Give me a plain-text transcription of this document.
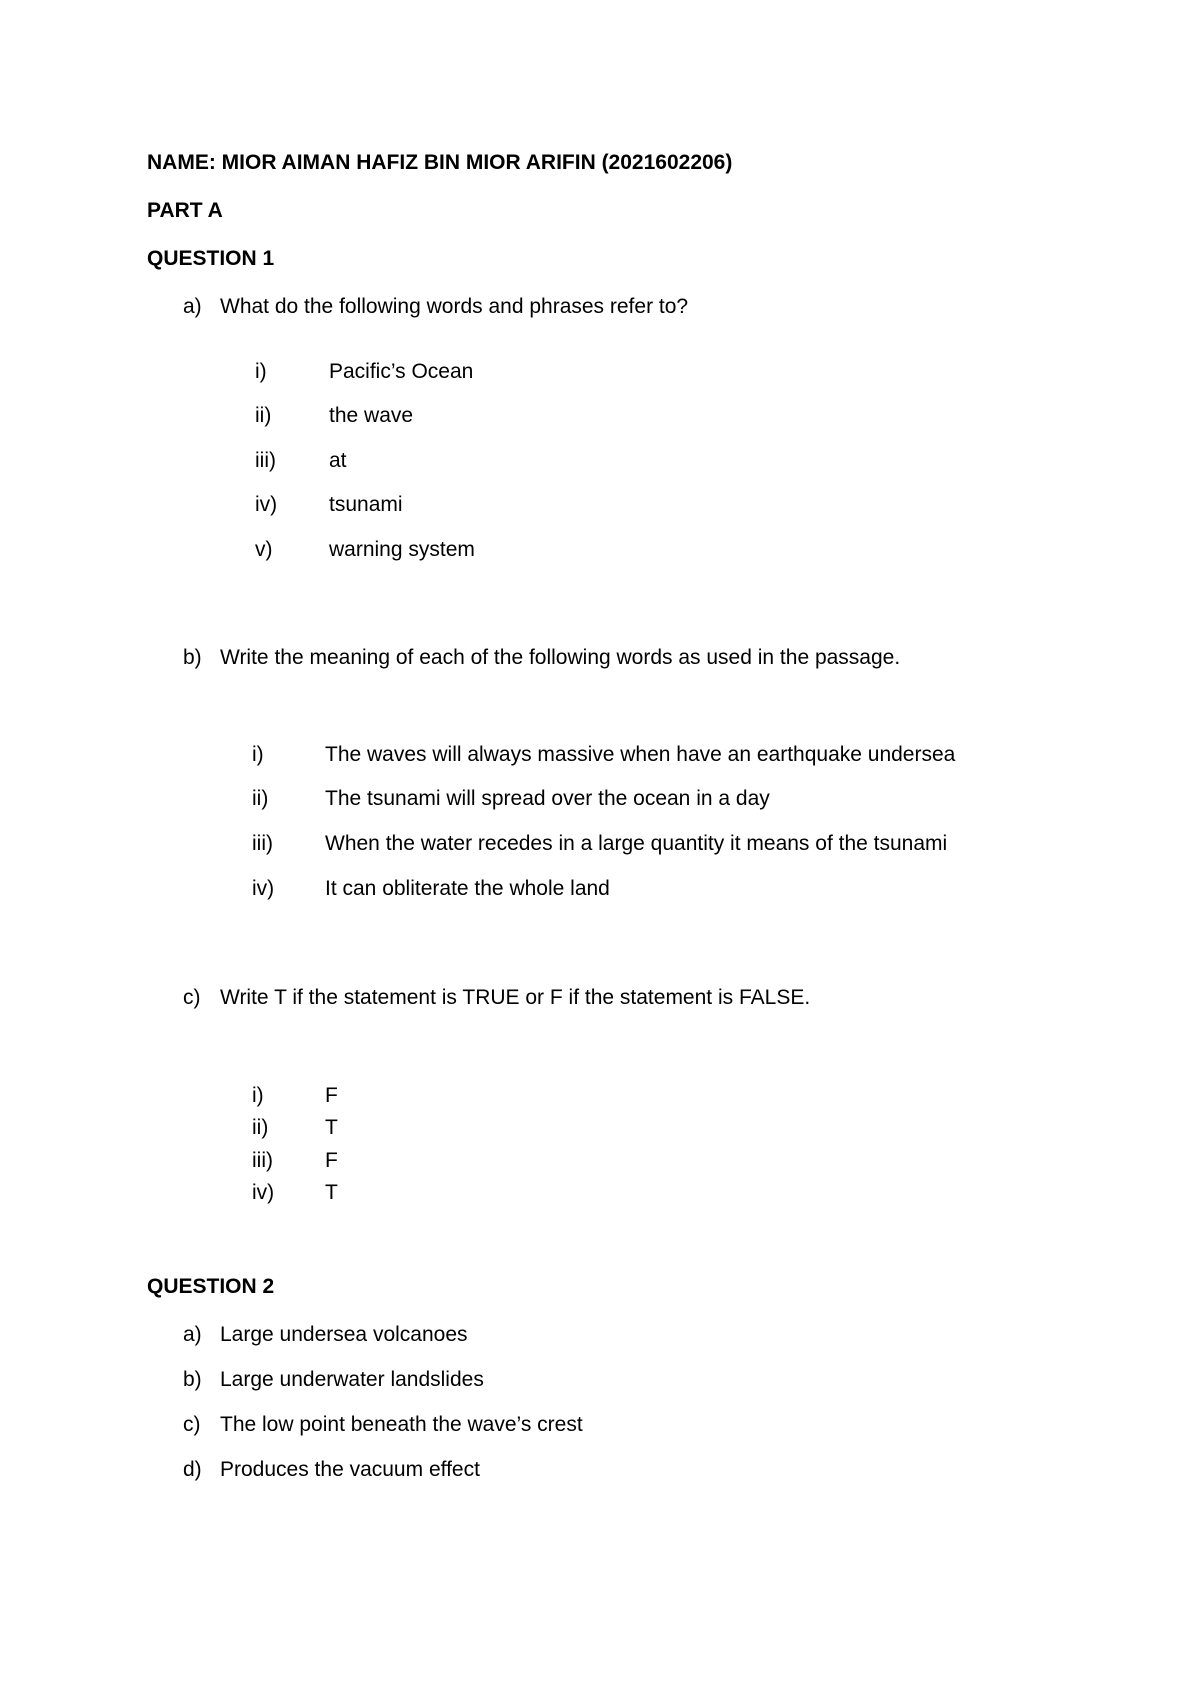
NAME: MIOR AIMAN HAFIZ BIN MIOR ARIFIN (2021602206)
PART A
QUESTION 1
a) What do the following words and phrases refer to?
i)	Pacific’s Ocean
ii)	the wave
iii)	at
iv) tsunami
v)	warning system
b) Write the meaning of each of the following words as used in the passage.
i)	The waves will always massive when have an earthquake undersea
ii)	The tsunami will spread over the ocean in a day
iii) When the water recedes in a large quantity it means of the tsunami
iv) It can obliterate the whole land
c) Write T if the statement is TRUE or F if the statement is FALSE.
i)	F
ii)	T
iii) F
iv) T
QUESTION 2
a) Large undersea volcanoes
b) Large underwater landslides
c) The low point beneath the wave’s crest
d) Produces the vacuum effect
